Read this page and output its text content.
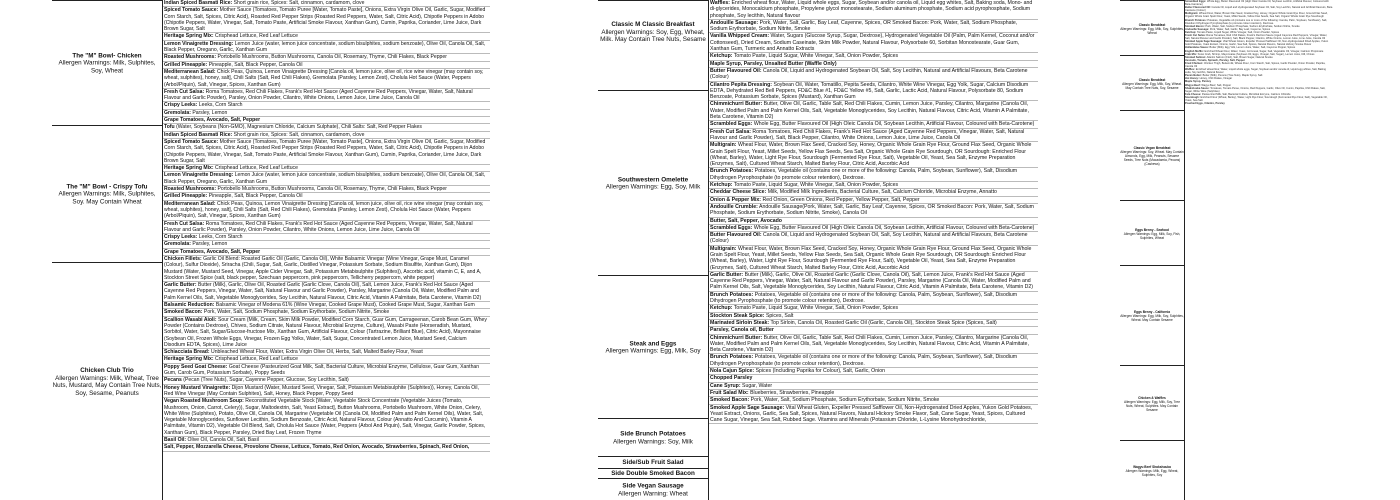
The "M" Bowl- Chicken
Allergen Warnings: Milk, Sulphites, Soy, Wheat
The "M" Bowl - Crispy Tofu
Allergen Warnings: Milk, Sulphites, Soy. May Contain Wheat
Chicken Club Trio
Allergen Warnings: Milk, Wheat, Tree Nuts, Mustard, May Contain Tree Nuts, Soy, Sesame, Peanuts
Indian Spiced Basmati Rice: Short grain rice, Spices: Salt, cinnamon, cardamom, clove
Spiced Tomato Sauce: Mother Sauce (Tomatoes, Tomato Puree [Water, Tomato Paste], Onions, Extra Virgin Olive Oil, Garlic, Sugar, Modified Corn Starch, Salt, Spices, Citric Acid), Roasted Red Pepper Strips (Roasted Red Peppers, Water, Salt, Citric Acid), Chipotle Peppers in Adobo (Chipotle Peppers, Water, Vinegar, Salt, Tomato Paste, Artificial Smoke Flavour, Xanthan Gum), Cumin, Paprika, Coriander, Lime Juice, Dark Brown Sugar, Salt
Heritage Spring Mix: Crisphead Lettuce, Red Leaf Lettuce
Lemon Vinaigrette Dressing: Lemon Juice (water, lemon juice concentrate, sodium bisulphites, sodium benzoate), Olive Oil, Canola Oil, Salt, Black Pepper, Oregano, Garlic, Xanthan Gum
Roasted Mushrooms: Portobello Mushrooms, Button Mushrooms, Canola Oil, Rosemary, Thyme, Chili Flakes, Black Pepper
Grilled Pineapple: Pineapple, Salt, Black Pepper, Canola Oil
Mediterranean Salad: Chick Peas, Quinoa, Lemon Vinaigrette Dressing [Canola oil, lemon juice, olive oil, rice wine vinegar (may contain soy, wheat, sulphites), honey, salt], Chili Salts (Salt, Red Chili Flakes), Gremolata (Parsley, Lemon Zest), Cholula Hot Sauce (Water, Peppers (Arbol/Piquin), Salt, Vinegar, Spices, Xanthan Gum)
Fresh Cut Salsa: Roma Tomatoes, Red Chili Flakes, Frank's Red Hot Sauce (Aged Cayenne Red Peppers, Vinegar, Water, Salt, Natural Flavour and Garlic Powder), Parsley, Onion Powder, Cilantro, White Onions, Lemon Juice, Lime Juice, Canola Oil
Crispy Leeks: Leeks, Corn Starch
Gremolata: Parsley, Lemon
Grape Tomatoes, Avocado, Salt, Pepper
Tofu (Water, Soybeans (Non-GMO), Magnesium Chloride, Calcium Sulphate), Chili Salts: Salt, Red Pepper Flakes
Indian Spiced Basmati Rice: Short grain rice, Spices: Salt, cinnamon, cardamom, clove
Spiced Tomato Sauce: Mother Sauce (Tomatoes, Tomato Puree [Water, Tomato Paste], Onions, Extra Virgin Olive Oil, Garlic, Sugar, Modified Corn Starch, Salt, Spices, Citric Acid), Roasted Red Pepper Strips (Roasted Red Peppers, Water, Salt, Citric Acid), Chipotle Peppers in Adobo (Chipotle Peppers, Water, Vinegar, Salt, Tomato Paste, Artificial Smoke Flavour, Xanthan Gum), Cumin, Paprika, Coriander, Lime Juice, Dark Brown Sugar, Salt
Heritage Spring Mix: Crisphead Lettuce, Red Leaf Lettuce
Lemon Vinaigrette Dressing: Lemon Juice (water, lemon juice concentrate, sodium bisulphites, sodium benzoate), Olive Oil, Canola Oil, Salt, Black Pepper, Oregano, Garlic, Xanthan Gum
Roasted Mushrooms: Portobello Mushrooms, Button Mushrooms, Canola Oil, Rosemary, Thyme, Chili Flakes, Black Pepper
Grilled Pineapple: Pineapple, Salt, Black Pepper, Canola Oil
Mediterranean Salad: Chick Peas, Quinoa, Lemon Vinaigrette Dressing [Canola oil, lemon juice, olive oil, rice wine vinegar (may contain soy, wheat, sulphites), honey, salt], Chili Salts (Salt, Red Chili Flakes), Gremolata (Parsley, Lemon Zest), Cholula Hot Sauce (Water, Peppers (Arbol/Piquin), Salt, Vinegar, Spices, Xanthan Gum)
Fresh Cut Salsa: Roma Tomatoes, Red Chili Flakes, Frank's Red Hot Sauce (Aged Cayenne Red Peppers, Vinegar, Water, Salt, Natural Flavour and Garlic Powder), Parsley, Onion Powder, Cilantro, White Onions, Lemon Juice, Lime Juice, Canola Oil
Crispy Leeks: Leeks, Corn Starch
Gremolata: Parsley, Lemon
Grape Tomatoes, Avocado, Salt, Pepper
Chicken Fillets: Garlic Oil Blend: Roasted Garlic Oil (Garlic, Canola Oil), White Balsamic Vinegar (Wine Vinegar, Grape Must, Caramel (Colour), Sulfur Dioxide), Sriracha (Chili, Sugar, Salt, Garlic, Distilled Vinegar, Potassium Sorbate, Sodium Bisulfite, Xanthan Gum), Dijon Mustard (Water, Mustard Seed, Vinegar, Apple Cider Vinegar, Salt, Potassium Metabisulphite (Sulphites)), Ascorbic acid, vitamin C, E, and A, Stockton Street Spice (salt, black pepper, Szechuan peppercorn, pink peppercorn, Tellicherry peppercorn, white pepper)
Garlic Butter: Butter (Milk), Garlic, Olive Oil, Roasted Garlic (Garlic Clove, Canola Oil), Salt, Lemon Juice, Frank's Red Hot Sauce (Aged Cayenne Red Peppers, Vinegar, Water, Salt, Natural Flavour and Garlic Powder), Parsley, Margarine (Canola Oil, Water, Modified Palm and Palm Kernel Oils, Salt, Vegetable Monoglycerides, Soy Lecithin, Natural Flavour, Citric Acid, Vitamin A Palmitate, Beta Carotene, Vitamin D2)
Balsamic Reduction: Balsamic Vinegar of Modena 61% (Wine Vinegar, Cooked Grape Must), Cooked Grape Must, Sugar, Xanthan Gum
Smoked Bacon: Pork, Water, Salt, Sodium Phosphate, Sodium Erythorbate, Sodium Nitrite, Smoke
Scallion Wasabi Aioli: Sour Cream (Milk, Cream, Skim Milk Powder, Modified Corn Starch, Guar Gum, Carrageenan, Carob Bean Gum, Whey Powder (Contains Dextrose), Chives, Sodium Citrate, Natural Flavour, Microbial Enzyme, Culture), Wasabi Paste (Horseradish, Mustard, Sorbitol, Water, Salt, Sugar/Glucose-fructose Mix, Xanthan Gum, Artificial Flavour, Colour (Tartrazine, Brilliant Blue), Citric Acid), Mayonnaise (Soybean Oil, Frozen Whole Eggs, Vinegar, Frozen Egg Yolks, Water, Salt, Sugar, Concentrated Lemon Juice, Mustard Seed, Calcium Disodium EDTA, Spices), Lime Juice
Schiacciata Bread: Unbleached Wheat Flour, Water, Extra Virgin Olive Oil, Herbs, Salt, Malted Barley Flour, Yeast
Heritage Spring Mix: Crisphead Lettuce, Red Leaf Lettuce
Poppy Seed Goat Cheese: Goat Cheese (Pasteurized Goat Milk, Salt, Bacterial Culture, Microbial Enzyme, Cellulose, Guar Gum, Xanthan Gum, Carob Gum, Potassium Sorbate), Poppy Seeds
Pecans (Pecan (Tree Nuts), Sugar, Cayenne Pepper, Glucose, Soy Lecithin, Salt)
Honey Mustard Vinaigrette: Dijon Mustard (Water, Mustard Seed, Vinegar, Salt, Potassium Metabisulphite (Sulphites)), Honey, Canola Oil, Red Wine Vinegar (May Contain Sulphites), Salt, Honey, Black Pepper, Poppy Seed
Vegan Roasted Mushroom Soup: Reconstituted Vegetable Stock [Water, Vegetable Stock Concentrate (Vegetable Juices (Tomato, Mushroom, Onion, Carrot, Celery)), Sugar, Maltodextrin, Salt, Yeast Extract], Button Mushrooms, Portobello Mushroom, White Onion, Celery, White Wine (Sulphites), Potato, Olive Oil, Canola Oil, Margarine (Vegetable Oil (Canola Oil, Modified Palm and Palm Kernel Oils), Water, Salt, Vegetable Monoglycerides, Sunflower Lecithin, Sodium Benzoate, Citric Acid, Natural Flavour, Colour (Annatto And Curcumin), Vitamin A Palmitate, Vitamin D2), Vegetable Oil Blend, Salt, Cholula Hot Sauce (Water, Peppers (Arbol And Piquin), Salt, Vinegar, Garlic Powder, Spices, Xanthan Gum), Black Pepper, Parsley, Dried Bay Leaf, Frozen Thyme
Basil Oil: Olive Oil, Canola Oil, Salt, Basil
Salt, Pepper, Mozzarella Cheese, Provolone Cheese, Lettuce, Tomato, Red Onion, Avocado, Strawberries, Spinach, Red Onion,
Classic M Classic Breakfast
Allergen Warnings: Soy, Egg, Wheat, Milk. May Contain Tree Nuts, Sesame
Southwestern Omelette
Allergen Warnings: Egg, Soy, Milk
Steak and Eggs
Allergen Warnings: Egg, Milk, Soy
Side Brunch Potatoes
Allergen Warnings: Soy, Milk
Side/Sub Fruit Salad
Side Double Smoked Bacon
Side Vegan Sausage
Allergen Warning: Wheat
Waffles: Enriched wheat flour, Water, Liquid whole eggs, Sugar, Soybean and/or canola oil, Liquid egg whites, Salt, Baking soda, Mono- and di-glycerides, Monocalcium phosphate, Propylene glycol monostearate, Sodium aluminum phosphate, Sodium acid pyrophosphate, Sodium phosphate, Soy lecithin, Natural flavour
Andouille Sausage: Pork, Water, Salt, Garlic, Bay Leaf, Cayenne, Spices, OR Smoked Bacon: Pork, Water, Salt, Sodium Phosphate, Sodium Erythorbate, Sodium Nitrite, Smoke
Vanilla Whipped Cream: Water, Sugars (Glucose Syrup, Sugar, Dextrose), Hydrogenated Vegetable Oil (Palm, Palm Kernel, Coconut and/or Cottonseed), Dried Cream, Sodium Caseinate, Skim Milk Powder, Natural Flavour, Polysorbate 60, Sorbitan Monostearate, Guar Gum, Xanthan Gum, Turmeric and Annatto Extracts
Ketchup: Tomato Paste, Liquid Sugar, White Vinegar, Salt, Onion Powder, Spices
Maple Syrup, Parsley, Unsalted Butter (Waffle Only)
Butter Flavoured Oil: Canola Oil, Liquid and Hydrogenated Soybean Oil, Salt, Soy Lecithin, Natural and Artificial Flavours, Beta Carotene (Colour)
Cilantro Pepita Dressing: Soybean Oil, Water, Tomatillo, Pepita Seeds, Cilantro, White Wine Vinegar, Egg Yolk, Sugar, Calcium Disodium EDTA, Dehydrated Red Bell Peppers, FD&C Blue #1, FD&C Yellow #5, Salt, Garlic, Lactic Acid, Natural Flavour, Polysorbate 80, Sodium Benzoate, Potassium Sorbate, Spices (Mustard), Xanthan Gum
Chimmichurri Butter: Butter, Olive Oil, Garlic, Table Salt, Red Chili Flakes, Cumin, Lemon Juice, Parsley, Cilantro, Margarine (Canola Oil, Water, Modified Palm and Palm Kernel Oils, Salt, Vegetable Monoglycerides, Soy Lecithin, Natural Flavour, Citric Acid, Vitamin A Palmitate, Beta Carotene, Vitamin D2)
Scrambled Eggs: Whole Egg, Butter Flavoured Oil (High Oleic Canola Oil, Soybean Lecithin, Artificial Flavour, Coloured with Beta-Carotene)
Fresh Cut Salsa: Roma Tomatoes, Red Chili Flakes, Frank's Red Hot Sauce (Aged Cayenne Red Peppers, Vinegar, Water, Salt, Natural Flavour and Garlic Powder), Salt, Black Pepper, Cilantro, White Onions, Lemon Juice, Lime Juice, Canola Oil
Multigrain: Wheat Flour, Water, Brown Flax Seed, Cracked Soy, Honey, Organic Whole Grain Rye Flour, Ground Flax Seed, Organic Whole Grain Spelt Flour, Yeast, Millet Seeds, Yellow Flax Seeds, Sea Salt, Organic Whole Grain Rye Sourdough, OR Sourdough: Enriched Flour (Wheat, Barley), Water, Light Rye Flour, Sourdough (Fermented Rye Flour, Salt), Vegetable Oil, Yeast, Sea Salt, Enzyme Preparation (Enzymes, Salt), Cultured Wheat Starch, Malted Barley Flour, Citric Acid, Ascorbic Acid
Brunch Potatoes: Potatoes, Vegetable oil (contains one or more of the following: Canola, Palm, Soybean, Sunflower), Salt, Disodium Dihydrogen Pyrophosphate (to promote colour retention), Dextrose.
Ketchup: Tomato Paste, Liquid Sugar, White Vinegar, Salt, Onion Powder, Spices
Cheddar Cheese Slice: Milk, Modified Milk Ingredients, Bacterial Culture, Salt, Calcium Chloride, Microbial Enzyme, Annatto
Onion & Pepper Mix: Red Onion, Green Onions, Red Pepper, Yellow Pepper, Salt, Pepper
Andouille Crumble: Andouille Sausage(Pork, Water, Salt, Garlic, Bay Leaf, Cayenne, Spices, OR Smoked Bacon: Pork, Water, Salt, Sodium Phosphate, Sodium Erythorbate, Sodium Nitrite, Smoke), Canola Oil
Butter, Salt, Pepper, Avocado
Scrambled Eggs: Whole Egg, Butter Flavoured Oil (High Oleic Canola Oil, Soybean Lecithin, Artificial Flavour, Coloured with Beta-Carotene)
Butter Flavoured Oil: Canola Oil, Liquid and Hydrogenated Soybean Oil, Salt, Soy Lecithin, Natural and Artificial Flavours, Beta Carotene (Colour)
Multigrain: Wheat Flour, Water, Brown Flax Seed, Cracked Soy, Honey, Organic Whole Grain Rye Flour, Ground Flax Seed, Organic Whole Grain Spelt Flour, Yeast, Millet Seeds, Yellow Flax Seeds, Sea Salt, Organic Whole Grain Rye Sourdough, OR Sourdough: Enriched Flour (Wheat, Barley), Water, Light Rye Flour, Sourdough (Fermented Rye Flour, Salt), Vegetable Oil, Yeast, Sea Salt, Enzyme Preparation (Enzymes, Salt), Cultured Wheat Starch, Malted Barley Flour, Citric Acid, Ascorbic Acid
Garlic Butter: Butter (Milk), Garlic, Olive Oil, Roasted Garlic (Garlic Clove, Canola Oil), Salt, Lemon Juice, Frank's Red Hot Sauce (Aged Cayenne Red Peppers, Vinegar, Water, Salt, Natural Flavour and Garlic Powder), Parsley, Margarine (Canola Oil, Water, Modified Palm and Palm Kernel Oils, Salt, Vegetable Monoglycerides, Soy Lecithin, Natural Flavour, Citric Acid, Vitamin A Palmitate, Beta Carotene, Vitamin D2)
Brunch Potatoes: Potatoes, Vegetable oil (contains one or more of the following: Canola, Palm, Soybean, Sunflower), Salt, Disodium Dihydrogen Pyrophosphate (to promote colour retention), Dextrose.
Ketchup: Tomato Paste, Liquid Sugar, White Vinegar, Salt, Onion Powder, Spices
Stockton Steak Spice: Spices, Salt
Marinated Sirloin Steak: Top Sirloin, Canola Oil, Roasted Garlic Oil (Garlic, Canola Oil), Stockton Steak Spice (Spices, Salt)
Parsley, Canola oil, Butter
Chimmichurri Butter: Butter, Olive Oil, Garlic, Table Salt, Red Chili Flakes, Cumin, Lemon Juice, Parsley, Cilantro, Margarine (Canola Oil, Water, Modified Palm and Palm Kernel Oils, Salt, Vegetable Monoglycerides, Soy Lecithin, Natural Flavour, Citric Acid, Vitamin A Palmitate, Beta Carotene, Vitamin D2)
Brunch Potatoes: Potatoes, Vegetable oil (contains one or more of the following: Canola, Palm, Soybean, Sunflower), Salt, Disodium Dihydrogen Pyrophosphate (to promote colour retention), Dextrose.
Nola Cajun Spice: Spices (Including Paprika for Colour), Salt, Garlic, Onion
Chopped Parsley
Cane Syrup: Sugar, Water
Fruit Salad Mix: Blueberries, Strawberries, Pineapple
Smoked Bacon: Pork, Water, Salt, Sodium Phosphate, Sodium Erythorbate, Sodium Nitrite, Smoke
Smoked Apple Sage Sausage: Vital Wheat Gluten, Expeller Pressed Safflower Oil, Non-Hydrogenated Dried Apples, Yukon Gold Potatoes, Yeast Extract, Onions, Garlic, Sea Salt, Spices, Natural Flavors, Natural Hickory Smoke Flavor, Salt, Cane Sugar, Yeast, Spices, Cultured Cane Sugar, Vinegar, Sea Salt, Rubbed Sage. Vitamins and Minerals (Potassium Chloride, L-Lysine Monohydrochloride,
Classic Breakfast
Allergen Warnings: Egg, Milk, Soy, Sulphites, Wheat
Classic Breakfast
Allergen Warnings: Egg, Milk, Soy, Wheat. May Contain Tree Nuts, Soy, Sesame
Classic Vegan Breakfast
Allergen Warnings: Soy, Wheat. May Contain Almonds, Egg, Milk, Peanuts, Sesame Seeds, Tree Nuts (Macadamia, Pecans) (Cashews)
Eggs Benny - Seafood
Allergen Warnings: Egg, Milk, Soy, Fish, Sulphites, Wheat
Eggs Benny - California
Allergen Warnings: Egg, Milk, Soy, Sulphites, Wheat. May Contain Sesame
Chicken & Waffles
Allergen Warnings: Egg, Milk, Soy, Tree Nuts, Wheat, Sulphites. May Contain Sesame
Wagyu Beef Shakshouka
Allergen Warnings: Milk, Egg, Wheat, Sulphites, Soy
Scrambled Eggs: Whole Egg, Butter Flavoured Oil (High Oleic Canola Oil, Soybean Lecithin, Artificial Flavour, Coloured with Beta-Carotene)
Butter Flavoured Oil: Canola Oil, Liquid and Hydrogenated Soybean Oil, Salt, Soy Lecithin, Natural and Artificial Flavours, Beta Carotene (Colour)
Multigrain: Wheat Flour, Water, Brown Flax Seed, Cracked Soy, Honey, Organic Whole Grain Rye Flour, Ground Flax Seed, Organic Whole Grain Spelt Flour, Yeast, Millet Seeds, Yellow Flax Seeds, Sea Salt, Organic Whole Grain Rye Sourdough
Brunch Potatoes: Potatoes, Vegetable oil (contains one or more of the following: Canola, Palm, Soybean, Sunflower), Salt, Disodium Dihydrogen Pyrophosphate (to promote colour retention), Dextrose.
Smoked Bacon: Pork, Water, Salt, Sodium Phosphate, Sodium Erythorbate, Sodium Nitrite, Smoke
Andouille Sausage: Pork, Water, Salt, Garlic, Bay Leaf, Cayenne, Spices
Ketchup: Tomato Paste, Liquid Sugar, White Vinegar, Salt, Onion Powder, Spices
Fresh Cut Salsa: Roma Tomatoes, Red Chili Flakes, Frank's Red Hot Sauce (Aged Cayenne Red Peppers, Vinegar, Water, Salt, Natural Flavour and Garlic Powder), Salt, Black Pepper, Cilantro, White Onions, Lemon Juice, Lime Juice, Canola Oil
Smoked Apple Sage Sausage: Vital Wheat Gluten, Expeller Pressed Safflower Oil, Non-Hydrogenated Dried Apples, Yukon Gold Potatoes, Yeast Extract, Onions, Garlic, Sea Salt, Spices, Natural Flavors, Natural Hickory Smoke Flavor
Hollandaise Sauce: Butter (Milk), Egg Yolk, Lemon Juice, Water, Salt, Cayenne Pepper, Spices
English Muffin: Enriched Wheat Flour, Water, Yeast, Cornmeal, Sugar, Salt, Vegetable Oil, Vinegar, Calcium Propionate
Crab Mix: Snow Crab, Shrimp, Mayonnaise (Soybean Oil, Eggs, Vinegar, Salt, Sugar), Lemon Juice, Dill, Chives
Smoked Salmon: Atlantic Salmon (Fish), Salt, Brown Sugar, Natural Smoke
Avocado, Tomato, Spinach, Parsley, Salt, Pepper
Fried Chicken: Chicken Thigh, Buttermilk, Wheat Flour, Corn Starch, Salt, Spices, Garlic Powder, Onion Powder, Paprika, Canola Oil
Waffles: Enriched wheat flour, Water, Liquid whole eggs, Sugar, Soybean and/or canola oil, Liquid egg whites, Salt, Baking soda, Soy lecithin, Natural flavour
Pecan Butter: Butter (Milk), Pecans (Tree Nuts), Maple Syrup, Salt
Hot Honey: Honey, Chili Flakes, Vinegar
Maple Syrup, Parsley
Wagyu Beef: Wagyu Beef, Salt, Pepper
Shakshouka Sauce: Tomatoes, Tomato Puree, Onions, Red Peppers, Garlic, Olive Oil, Cumin, Paprika, Chili Flakes, Salt, Sugar, White Wine (Sulphites)
Feta Cheese: Pasteurized Milk, Salt, Bacterial Culture, Microbial Enzyme, Calcium Chloride
Sourdough: Enriched Flour (Wheat, Barley), Water, Light Rye Flour, Sourdough (Fermented Rye Flour, Salt), Vegetable Oil, Yeast, Sea Salt
Poached Eggs, Cilantro, Parsley
